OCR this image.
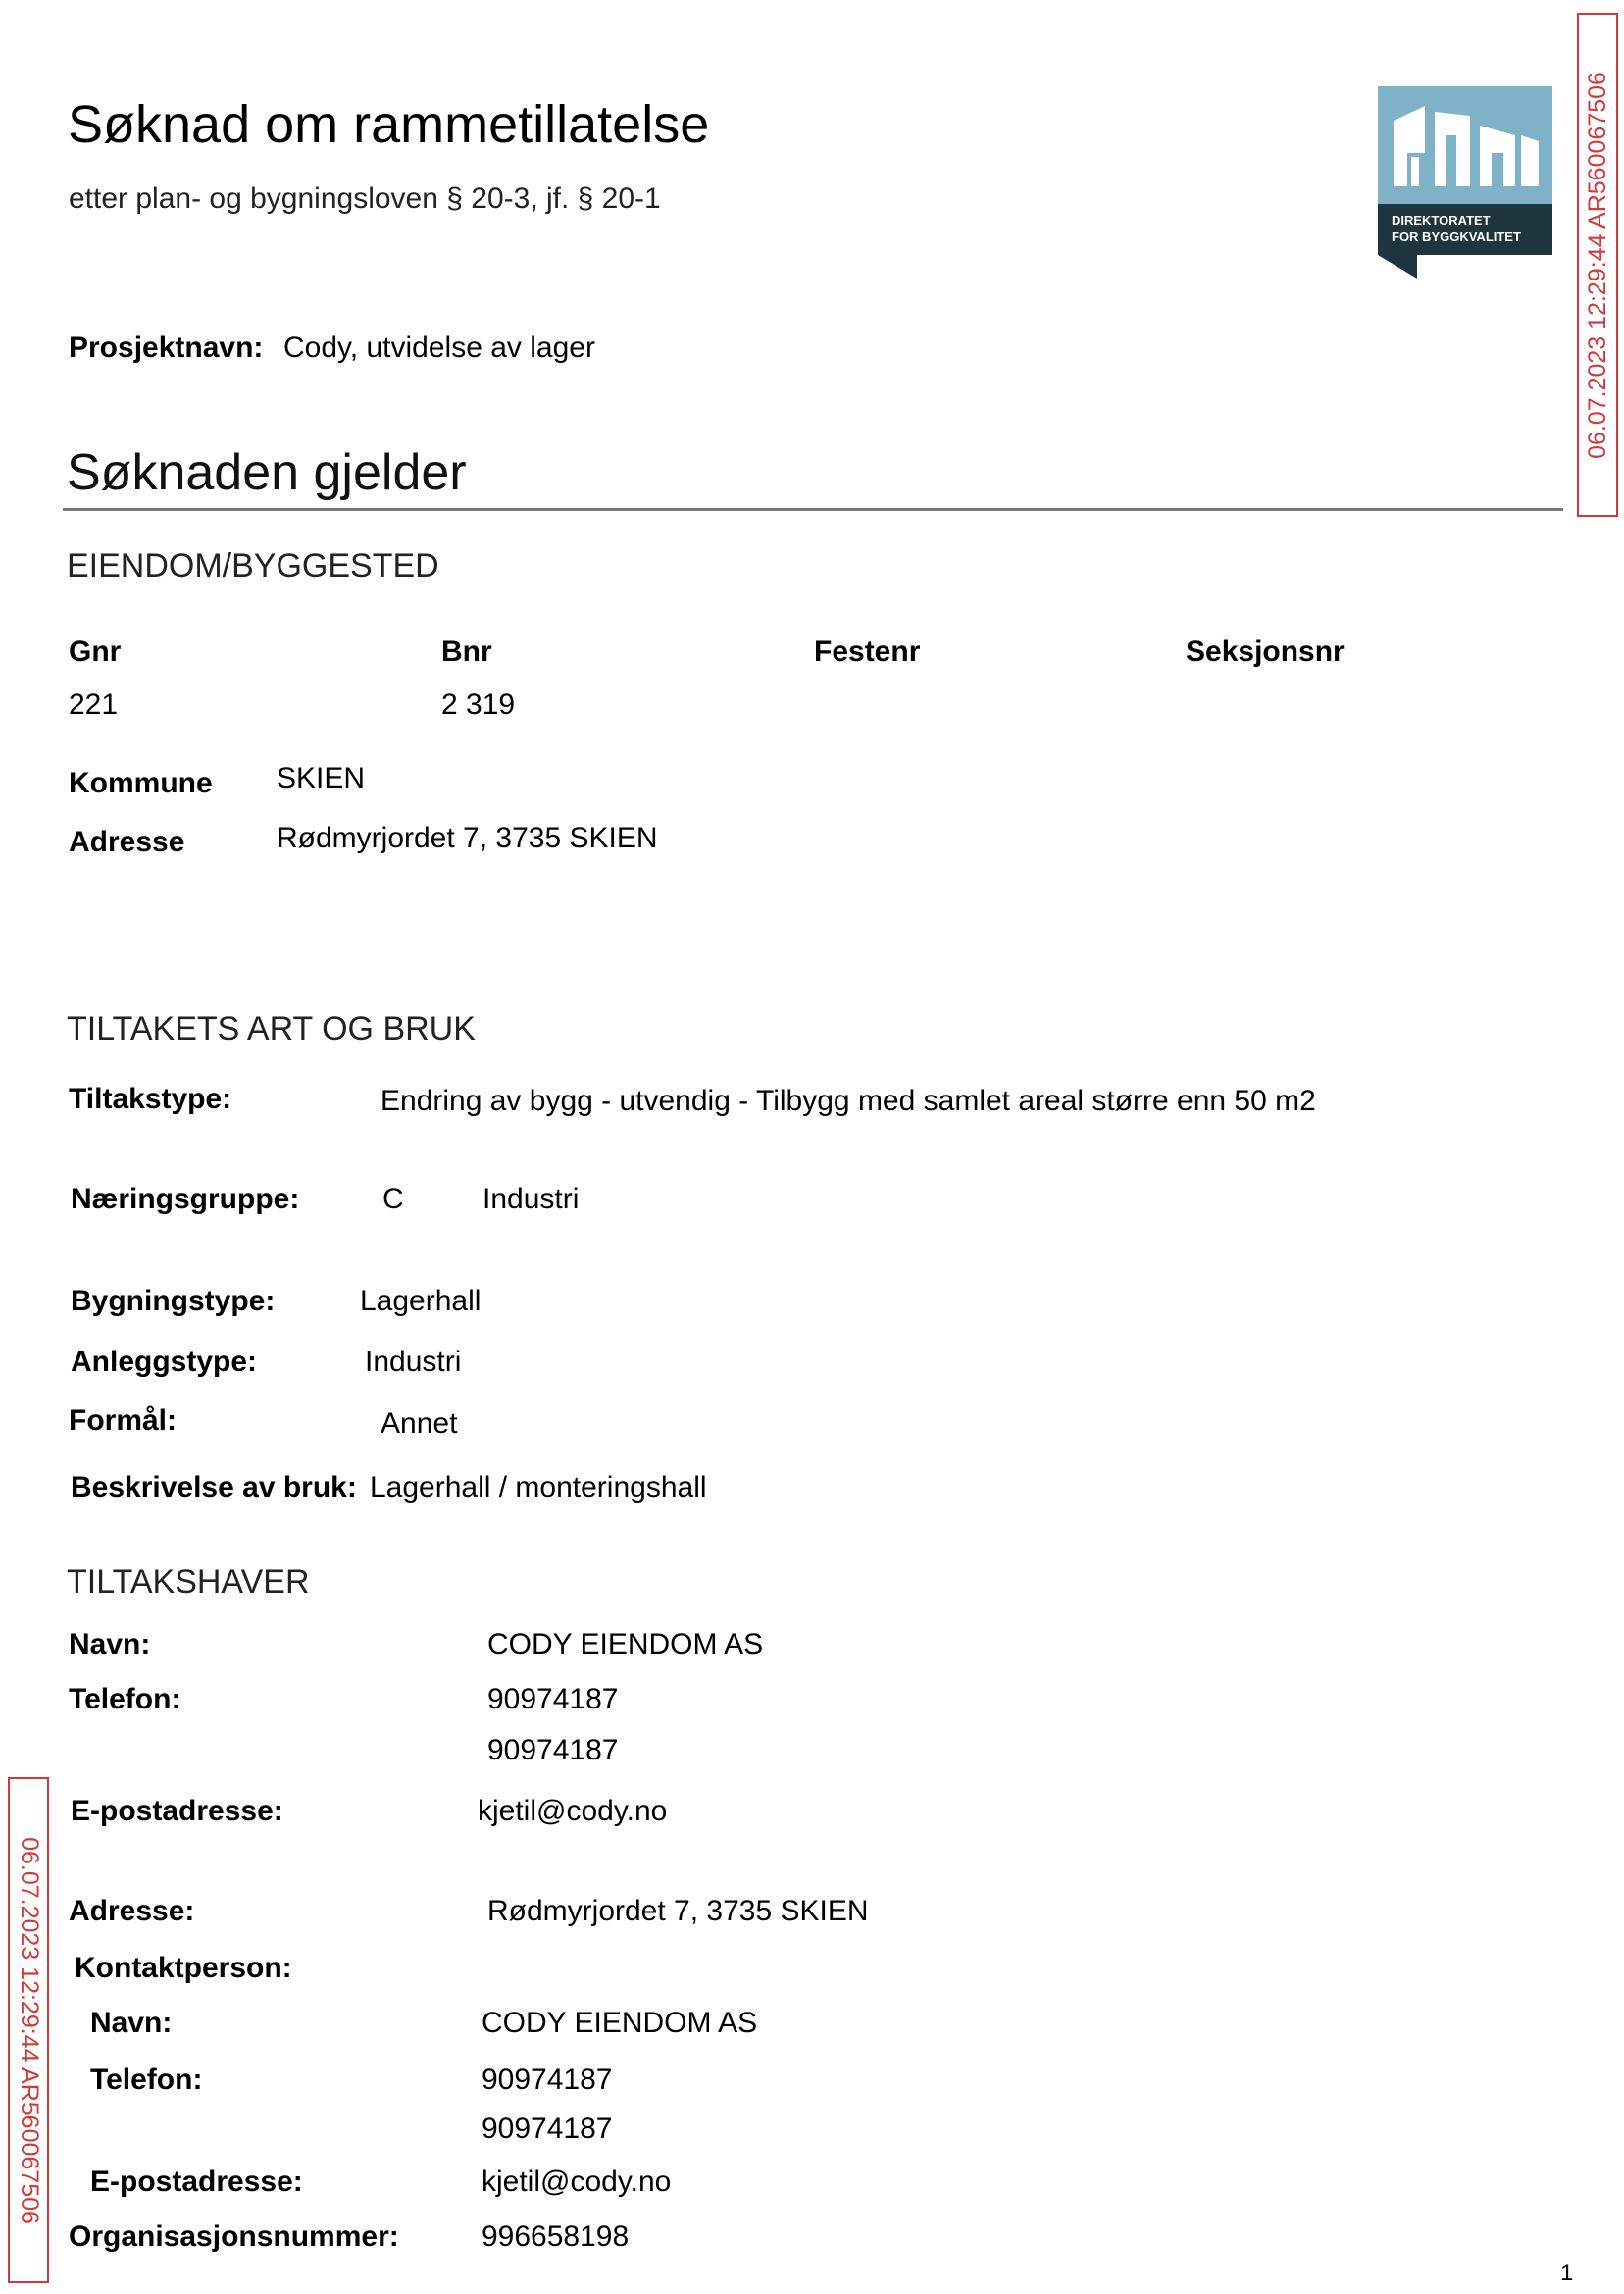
Søknad om rammetillatelse
etter plan- og bygningsloven § 20-3, jf. § 20-1
DIREKTORATET
FOR BYGGKVALITET	06.07.2023 12:29:44 AR560067506
06.07.2023 12:29:44 AR560067506
Prosjektnavn: Cody, utvidelse av lager
Søknaden gjelder
EIENDOM/BYGGESTED
Gnr	Bnr	Festenr	Seksjonsnr
221	2 319
Kommune SKIEN
Adresse	Rødmyrjordet 7, 3735 SKIEN
TILTAKETS ART OG BRUK
Tiltakstype:	Endring av bygg - utvendig - Tilbygg med samlet areal større enn 50 m2
Næringsgruppe:	C	Industri
Bygningstype:	Lagerhall
Anleggstype:	Industri
Formål:	Annet
Beskrivelse av bruk: Lagerhall / monteringshall
TILTAKSHAVER
Navn:	CODY EIENDOM AS
Telefon:	90974187
90974187
E-postadresse:	kjetil@cody.no
Adresse:	Rødmyrjordet 7, 3735 SKIEN
Kontaktperson:
Navn:	CODY EIENDOM AS
Telefon:	90974187
90974187
E-postadresse:	kjetil@cody.no
Organisasjonsnummer:	996658198
1
